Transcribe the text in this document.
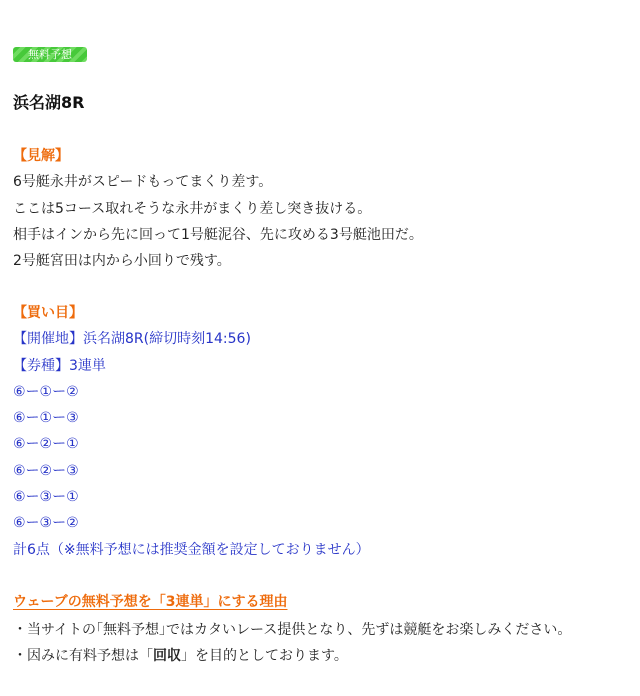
無料予想
浜名湖8R
【見解】
6号艇永井がスピードもってまくり差す。
ここは5コース取れそうな永井がまくり差し突き抜ける。
相手はインから先に回って1号艇泥谷、先に攻める3号艇池田だ。
2号艇宮田は内から小回りで残す。
【買い目】
【開催地】浜名湖8R(締切時刻14:56)
【券種】3連単
⑥ー①ー②
⑥ー①ー③
⑥ー②ー①
⑥ー②ー③
⑥ー③ー①
⑥ー③ー②
計6点（※無料予想には推奨金額を設定しておりません）
ウェーブの無料予想を「3連単」にする理由
・当サイトの｢無料予想｣ではカタいレース提供となり、先ずは競艇をお楽しみください。
・因みに有料予想は「回収」を目的としております。
